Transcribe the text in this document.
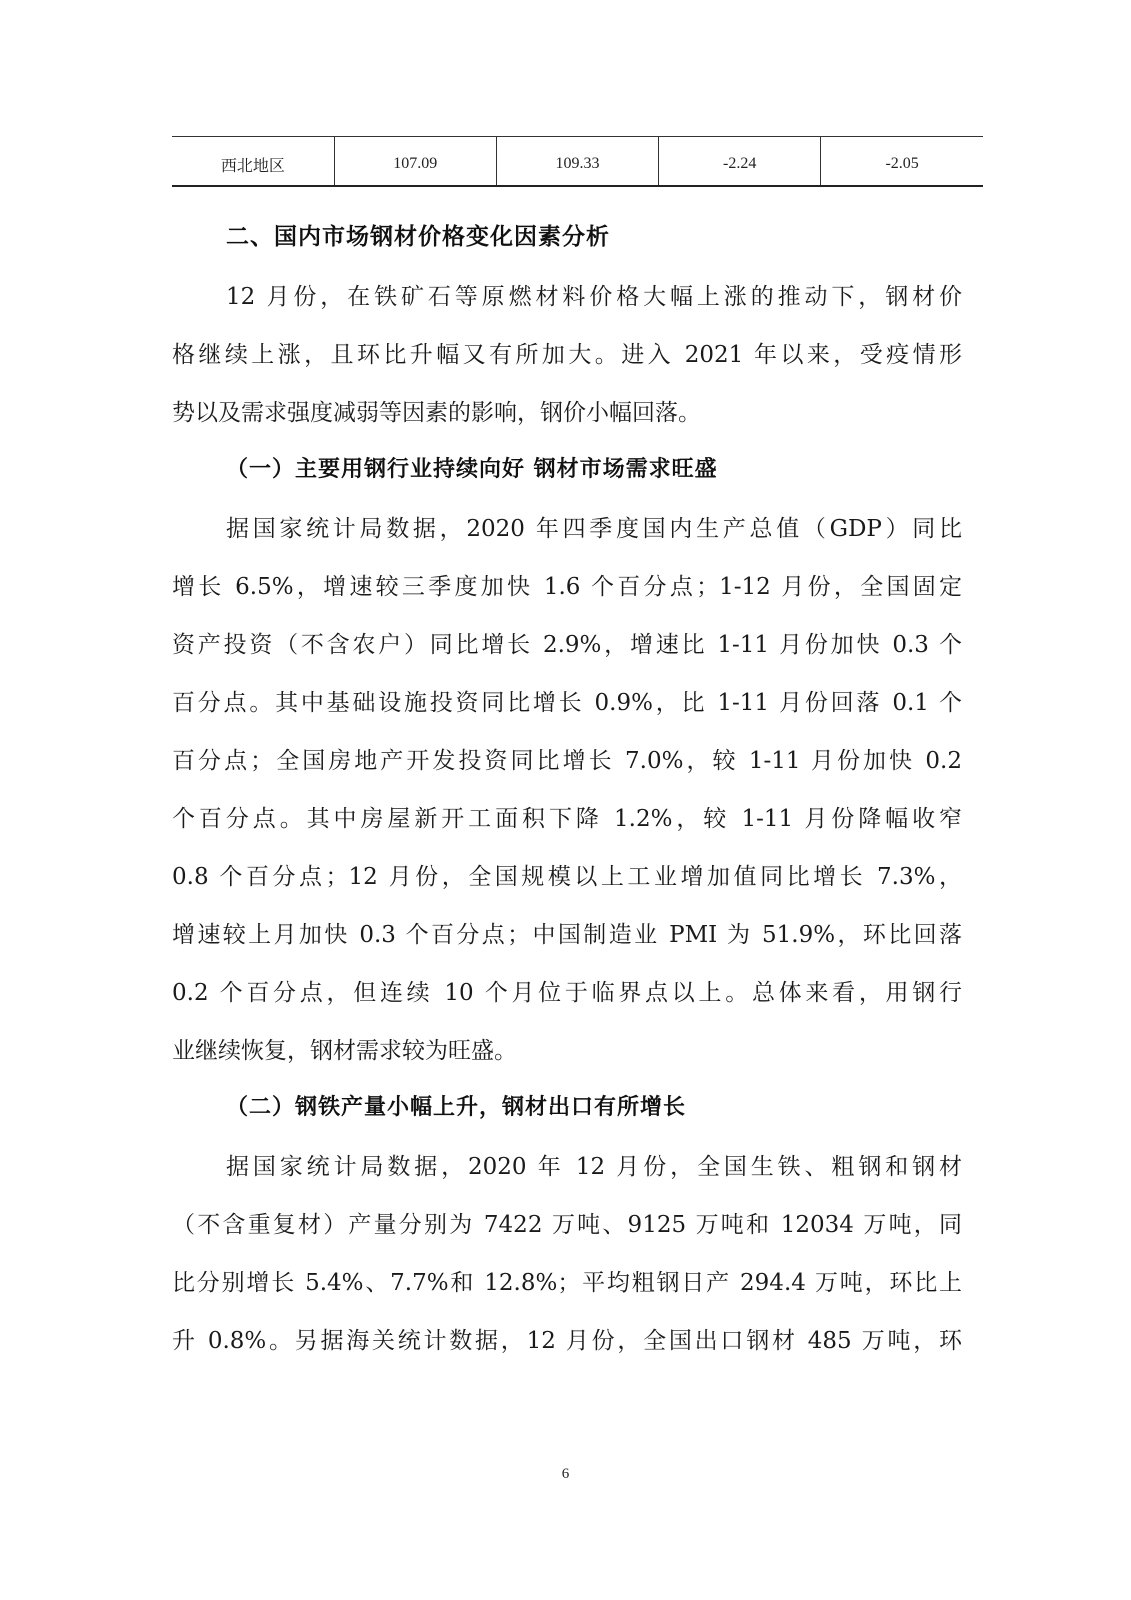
西北地区	107.09	109.33	-2.24	-2.05
二、国内市场钢材价格变化因素分析
12 月份，在铁矿石等原燃材料价格大幅上涨的推动下，钢材价
格继续上涨，且环比升幅又有所加大。进入 2021 年以来，受疫情形
势以及需求强度减弱等因素的影响，钢价小幅回落。
（一）主要用钢行业持续向好 钢材市场需求旺盛
据国家统计局数据，2020 年四季度国内生产总值（GDP）同比
增长 6.5%，增速较三季度加快 1.6 个百分点；1-12 月份，全国固定
资产投资（不含农户）同比增长 2.9%，增速比 1-11 月份加快 0.3 个
百分点。其中基础设施投资同比增长 0.9%，比 1-11 月份回落 0.1 个
百分点；全国房地产开发投资同比增长 7.0%，较 1-11 月份加快 0.2
个百分点。其中房屋新开工面积下降 1.2%，较 1-11 月份降幅收窄
0.8 个百分点；12 月份，全国规模以上工业增加值同比增长 7.3%，
增速较上月加快 0.3 个百分点；中国制造业 PMI 为 51.9%，环比回落
0.2 个百分点，但连续 10 个月位于临界点以上。总体来看，用钢行
业继续恢复，钢材需求较为旺盛。
（二）钢铁产量小幅上升，钢材出口有所增长
据国家统计局数据，2020 年 12 月份，全国生铁、粗钢和钢材
（不含重复材）产量分别为 7422 万吨、9125 万吨和 12034 万吨，同
比分别增长 5.4%、7.7%和 12.8%；平均粗钢日产 294.4 万吨，环比上
升 0.8%。另据海关统计数据，12 月份，全国出口钢材 485 万吨，环
6
